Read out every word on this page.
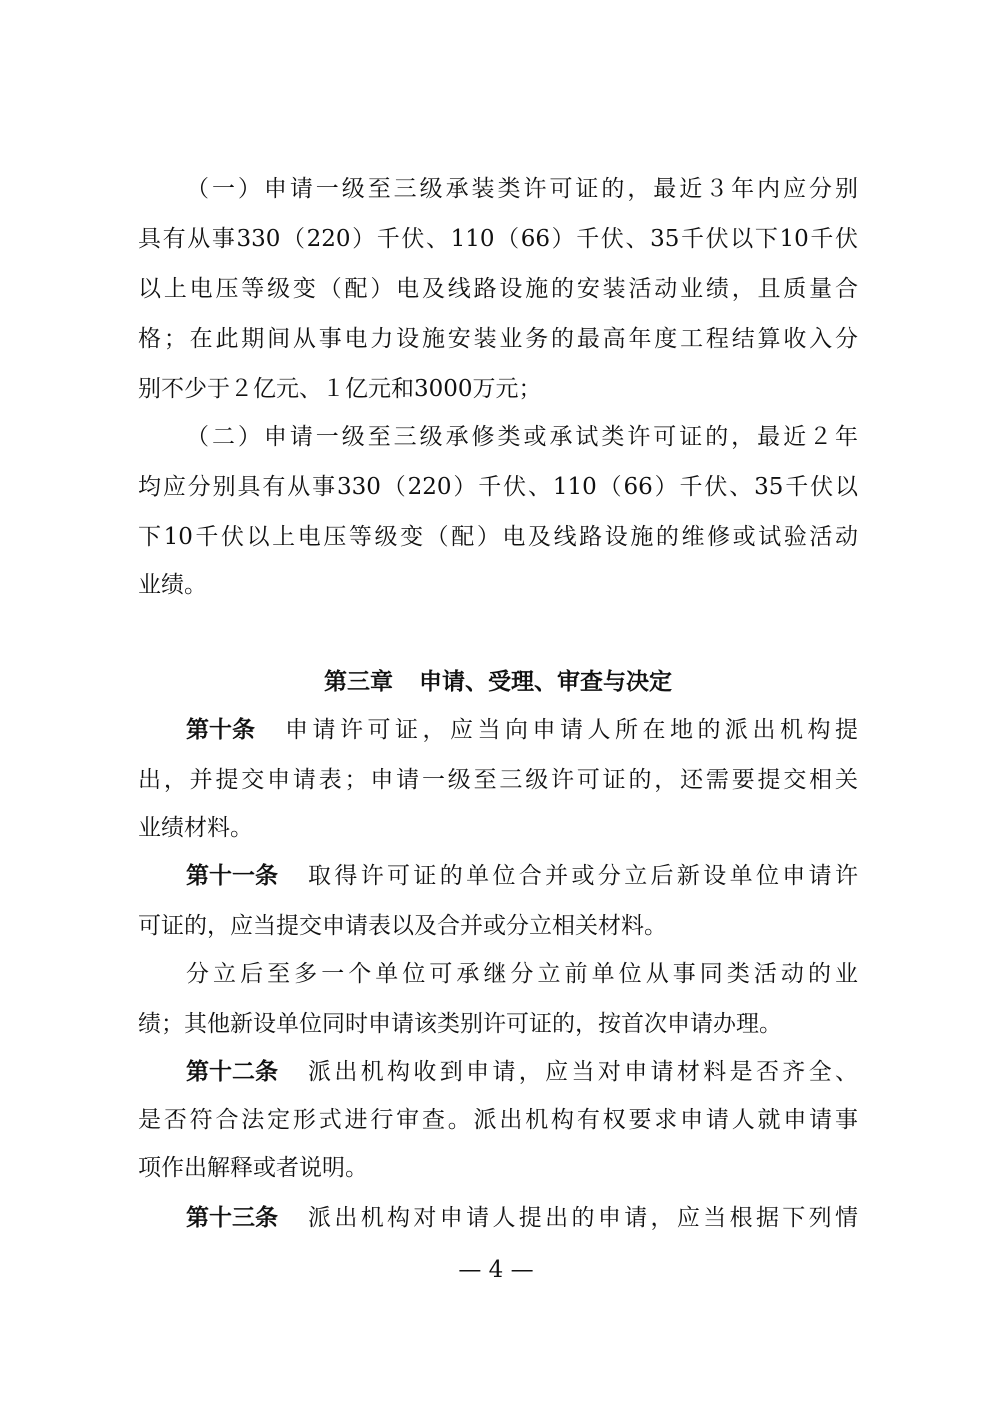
（一）申请一级至三级承装类许可证的，最近３年内应分别
具有从事330（220）千伏、110（66）千伏、35千伏以下10千伏
以上电压等级变（配）电及线路设施的安装活动业绩，且质量合
格；在此期间从事电力设施安装业务的最高年度工程结算收入分
别不少于２亿元、１亿元和3000万元；
（二）申请一级至三级承修类或承试类许可证的，最近２年
均应分别具有从事330（220）千伏、110（66）千伏、35千伏以
下10千伏以上电压等级变（配）电及线路设施的维修或试验活动
业绩。
第三章 申请、受理、审查与决定
第十条 申请许可证，应当向申请人所在地的派出机构提
出，并提交申请表；申请一级至三级许可证的，还需要提交相关
业绩材料。
第十一条 取得许可证的单位合并或分立后新设单位申请许
可证的，应当提交申请表以及合并或分立相关材料。
分立后至多一个单位可承继分立前单位从事同类活动的业
绩；其他新设单位同时申请该类别许可证的，按首次申请办理。
第十二条 派出机构收到申请，应当对申请材料是否齐全、
是否符合法定形式进行审查。派出机构有权要求申请人就申请事
项作出解释或者说明。
第十三条 派出机构对申请人提出的申请，应当根据下列情
— 4 —
